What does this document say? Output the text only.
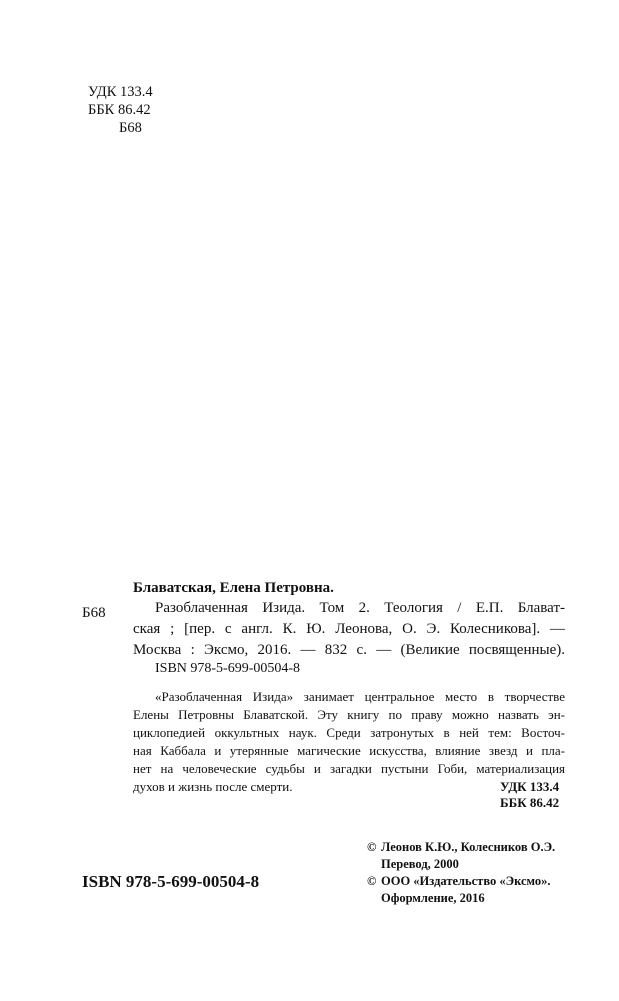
УДК 133.4
ББК 86.42
Б68
Б68
Блаватская, Елена Петровна.
Разоблаченная Изида. Том 2. Теология / Е.П. Блават-
ская ; [пер. с англ. К. Ю. Леонова, О. Э. Колесникова]. —
Москва : Эксмо, 2016. — 832 с. — (Великие посвященные).
ISBN 978-5-699-00504-8
«Разоблаченная Изида» занимает центральное место в творчестве
Елены Петровны Блаватской. Эту книгу по праву можно назвать эн-
циклопедией оккультных наук. Среди затронутых в ней тем: Восточ-
ная Каббала и утерянные магические искусства, влияние звезд и пла-
нет на человеческие судьбы и загадки пустыни Гоби, материализация
духов и жизнь после смерти.	УДК 133.4
ББК 86.42
© Леонов К.Ю., Колесников О.Э.
Перевод, 2000
© ООО «Издательство «Эксмо».
Оформление, 2016
ISBN 978-5-699-00504-8
